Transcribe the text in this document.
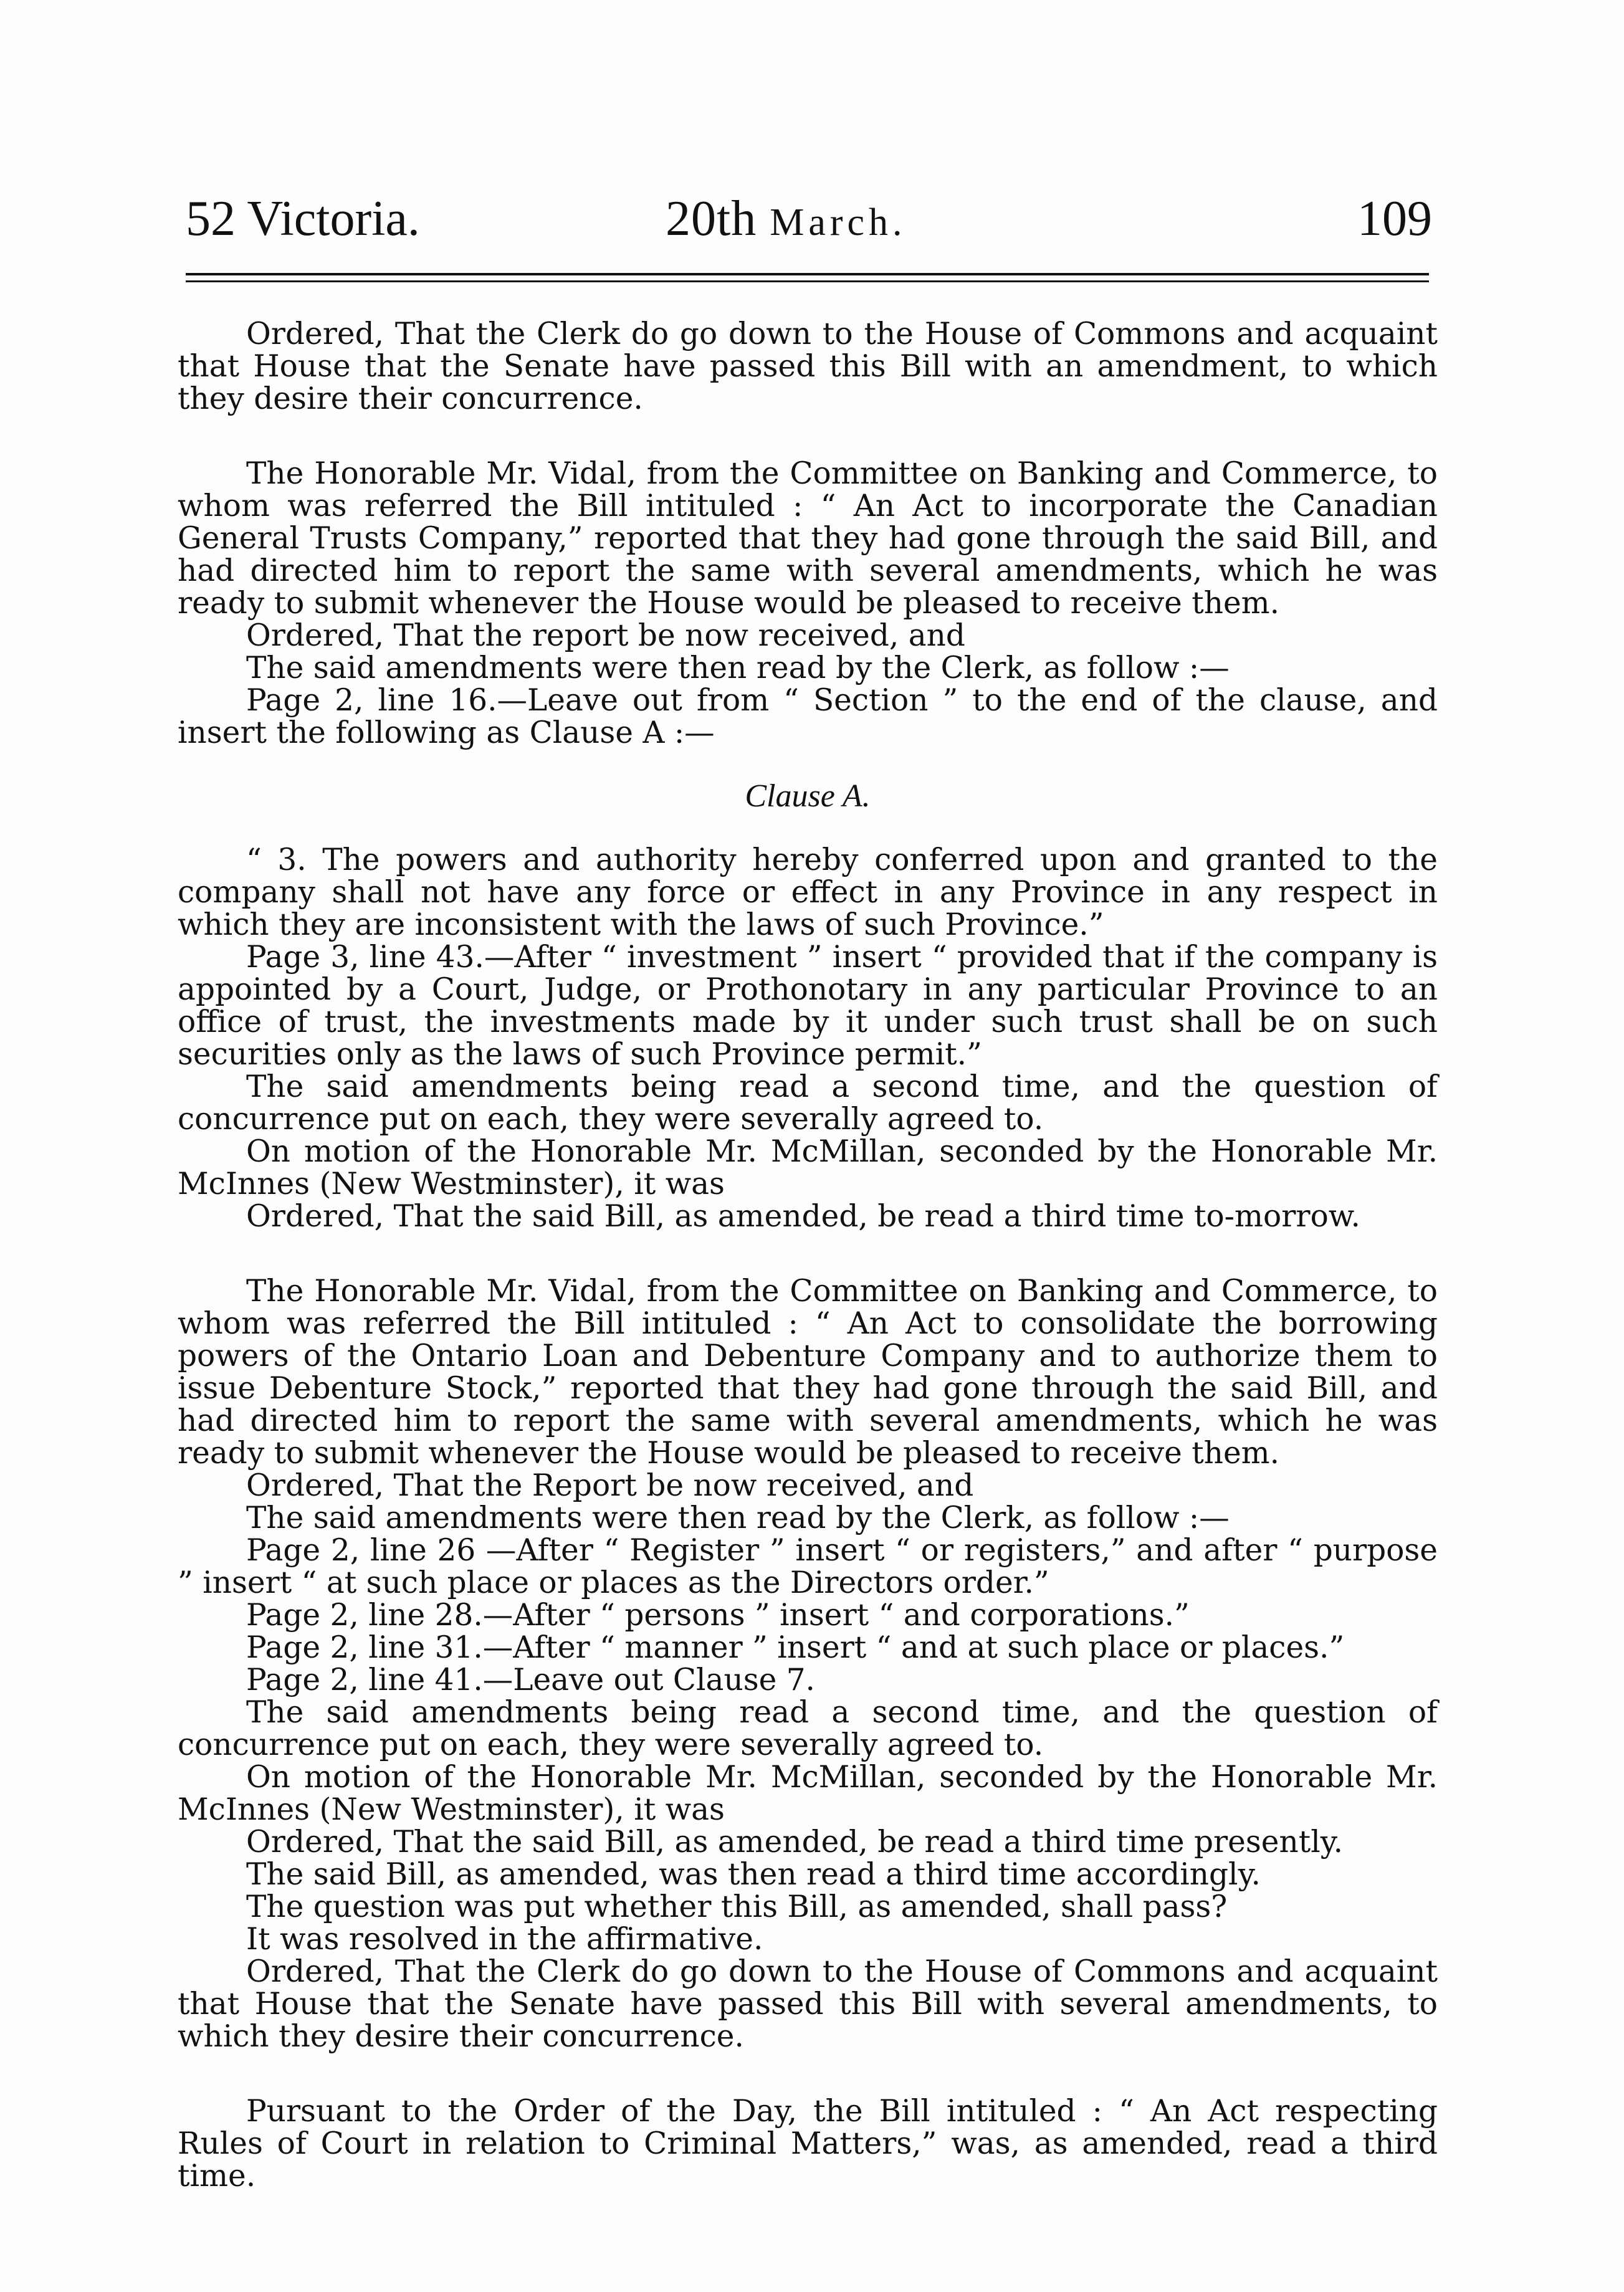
52 Victoria.	20th March.	109

Ordered, That the Clerk do go down to the House of Commons and acquaint that House that the Senate have passed this Bill with an amendment, to which they desire their concurrence.

The Honorable Mr. Vidal, from the Committee on Banking and Commerce, to whom was referred the Bill intituled : “ An Act to incorporate the Canadian General Trusts Company,” reported that they had gone through the said Bill, and had directed him to report the same with several amendments, which he was ready to submit whenever the House would be pleased to receive them.

Ordered, That the report be now received, and

The said amendments were then read by the Clerk, as follow :—

Page 2, line 16.—Leave out from “ Section ” to the end of the clause, and insert the following as Clause A :—

Clause A.

“ 3. The powers and authority hereby conferred upon and granted to the company shall not have any force or effect in any Province in any respect in which they are inconsistent with the laws of such Province.”

Page 3, line 43.—After “ investment ” insert “ provided that if the company is appointed by a Court, Judge, or Prothonotary in any particular Province to an office of trust, the investments made by it under such trust shall be on such securities only as the laws of such Province permit.”

The said amendments being read a second time, and the question of concurrence put on each, they were severally agreed to.

On motion of the Honorable Mr. McMillan, seconded by the Honorable Mr. McInnes (New Westminster), it was

Ordered, That the said Bill, as amended, be read a third time to-morrow.

The Honorable Mr. Vidal, from the Committee on Banking and Commerce, to whom was referred the Bill intituled : “ An Act to consolidate the borrowing powers of the Ontario Loan and Debenture Company and to authorize them to issue Debenture Stock,” reported that they had gone through the said Bill, and had directed him to report the same with several amendments, which he was ready to submit whenever the House would be pleased to receive them.

Ordered, That the Report be now received, and

The said amendments were then read by the Clerk, as follow :—

Page 2, line 26 —After “ Register ” insert “ or registers,” and after “ purpose ” insert “ at such place or places as the Directors order.”

Page 2, line 28.—After “ persons ” insert “ and corporations.”

Page 2, line 31.—After “ manner ” insert “ and at such place or places.”

Page 2, line 41.—Leave out Clause 7.

The said amendments being read a second time, and the question of concurrence put on each, they were severally agreed to.

On motion of the Honorable Mr. McMillan, seconded by the Honorable Mr. McInnes (New Westminster), it was

Ordered, That the said Bill, as amended, be read a third time presently.

The said Bill, as amended, was then read a third time accordingly.

The question was put whether this Bill, as amended, shall pass?

It was resolved in the affirmative.

Ordered, That the Clerk do go down to the House of Commons and acquaint that House that the Senate have passed this Bill with several amendments, to which they desire their concurrence.

Pursuant to the Order of the Day, the Bill intituled : “ An Act respecting Rules of Court in relation to Criminal Matters,” was, as amended, read a third time.
